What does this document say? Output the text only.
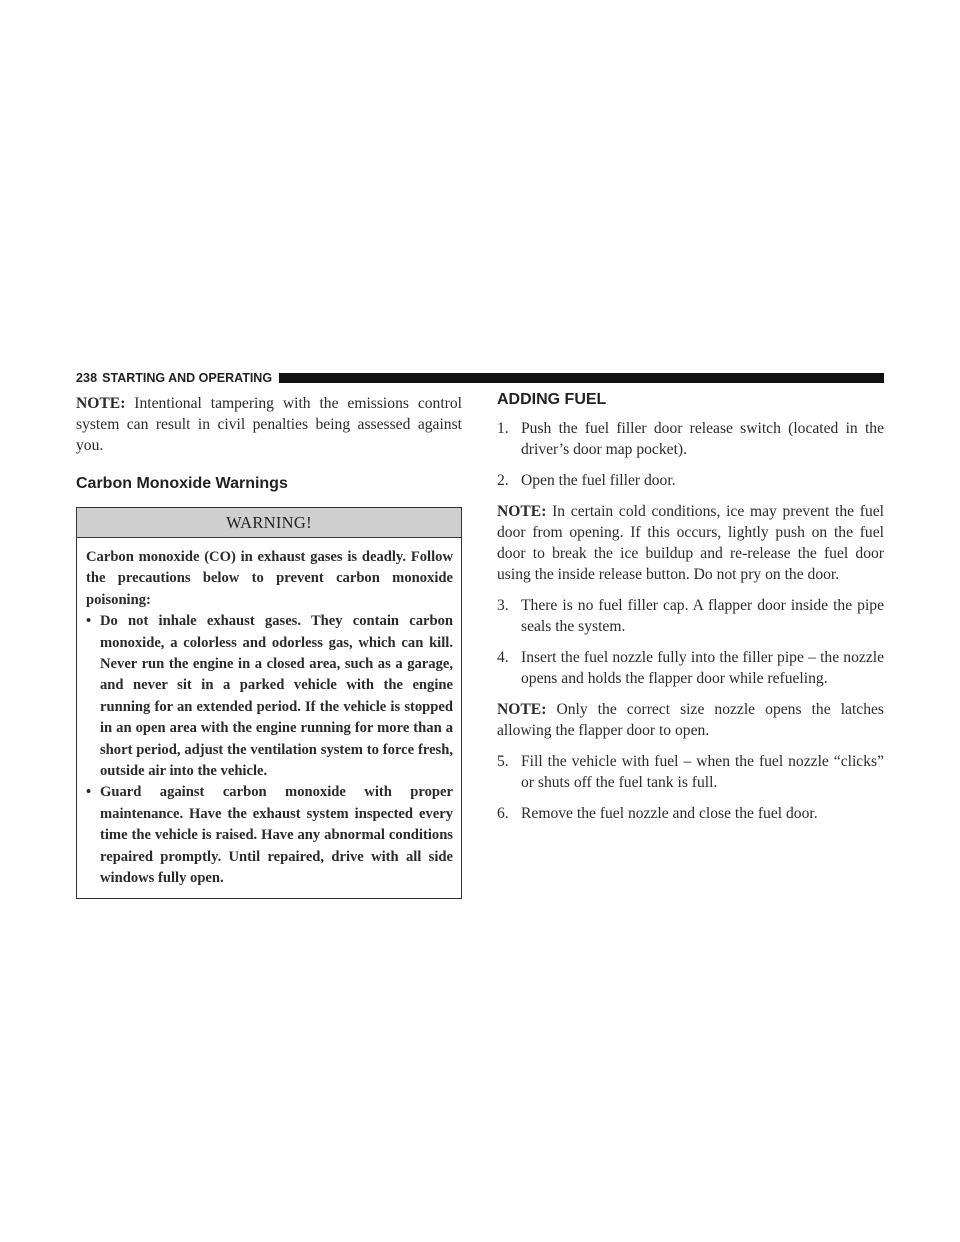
238 STARTING AND OPERATING

NOTE: Intentional tampering with the emissions control system can result in civil penalties being assessed against you.

Carbon Monoxide Warnings
WARNING!

Carbon monoxide (CO) in exhaust gases is deadly. Follow the precautions below to prevent carbon monoxide poisoning:

• Do not inhale exhaust gases. They contain carbon monoxide, a colorless and odorless gas, which can kill. Never run the engine in a closed area, such as a garage, and never sit in a parked vehicle with the engine running for an extended period. If the vehicle is stopped in an open area with the engine running for more than a short period, adjust the ventilation system to force fresh, outside air into the vehicle.
• Guard against carbon monoxide with proper maintenance. Have the exhaust system inspected every time the vehicle is raised. Have any abnormal conditions repaired promptly. Until repaired, drive with all side windows fully open.
ADDING FUEL
1. Push the fuel filler door release switch (located in the driver’s door map pocket).
2. Open the fuel filler door.

NOTE: In certain cold conditions, ice may prevent the fuel door from opening. If this occurs, lightly push on the fuel door to break the ice buildup and re-release the fuel door using the inside release button. Do not pry on the door.

3. There is no fuel filler cap. A flapper door inside the pipe seals the system.
4. Insert the fuel nozzle fully into the filler pipe – the nozzle opens and holds the flapper door while refueling.

NOTE: Only the correct size nozzle opens the latches allowing the flapper door to open.

5. Fill the vehicle with fuel – when the fuel nozzle “clicks” or shuts off the fuel tank is full.
6. Remove the fuel nozzle and close the fuel door.
